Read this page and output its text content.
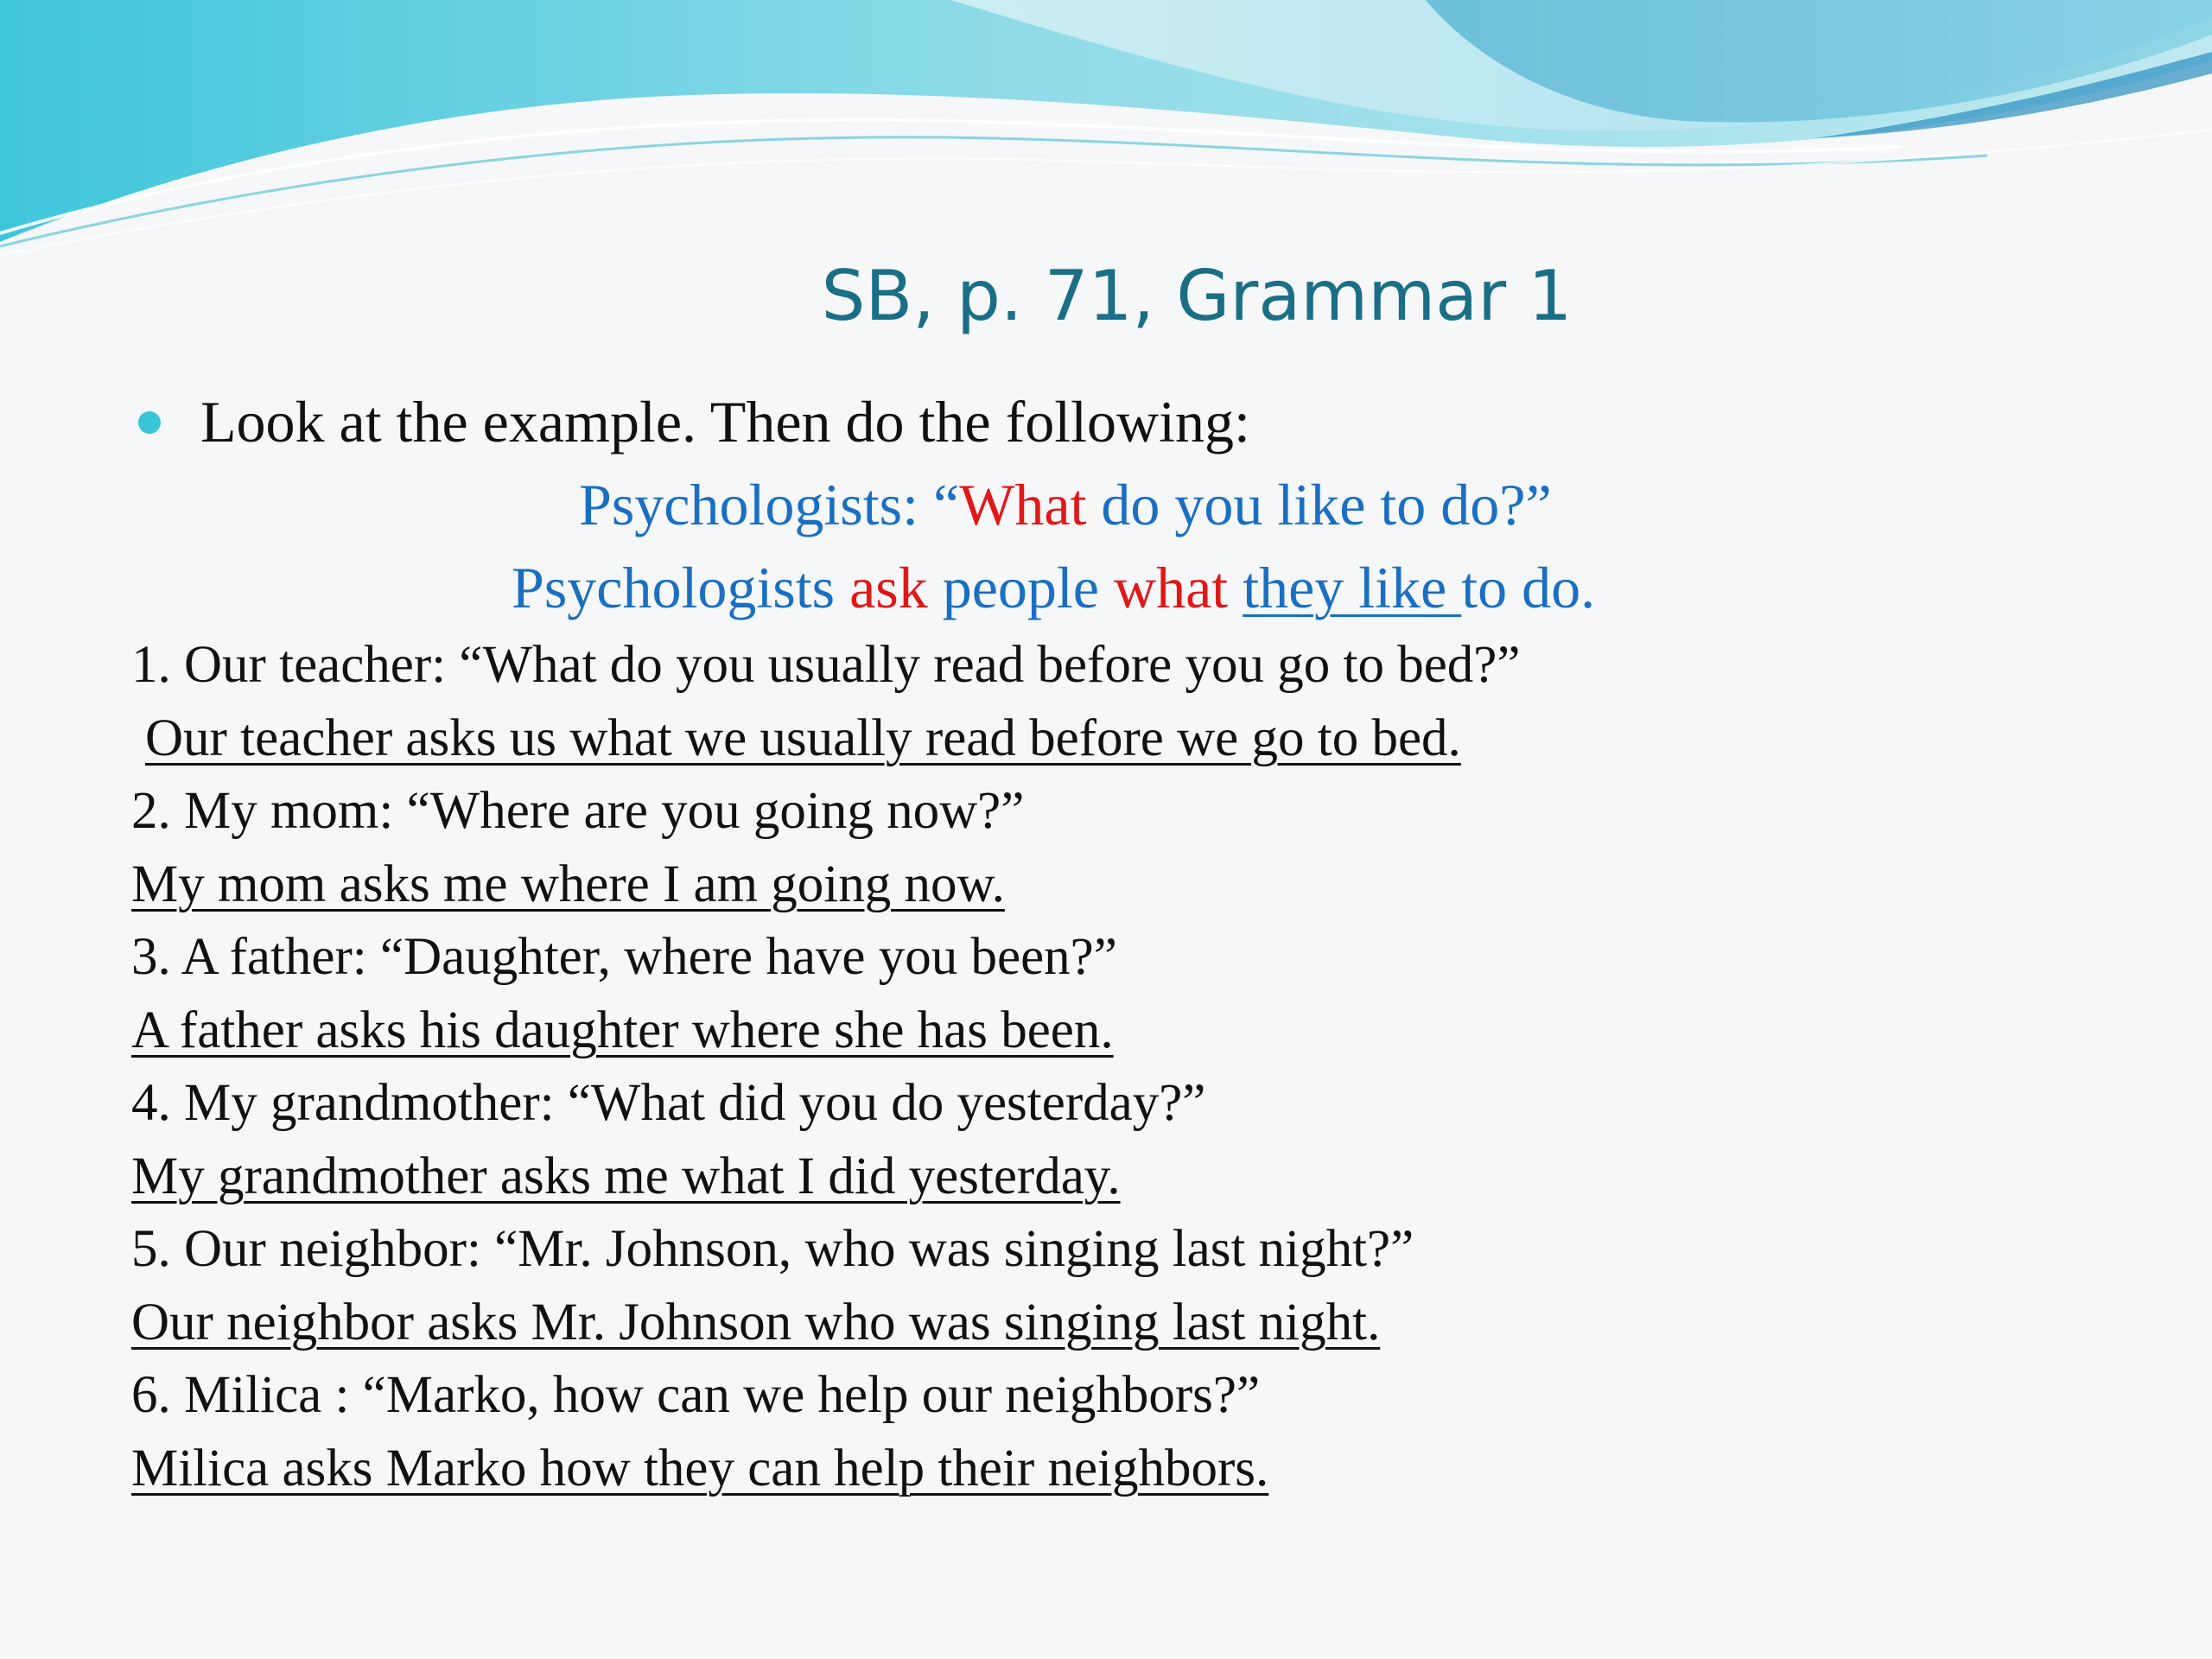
SB, p. 71, Grammar 1
Look at the example. Then do the following:
Psychologists: “What do you like to do?”
Psychologists ask people what they like to do.
1. Our teacher: “What do you usually read before you go to bed?”
Our teacher asks us what we usually read before we go to bed.
2. My mom: “Where are you going now?”
My mom asks me where I am going now.
3. A father: “Daughter, where have you been?”
A father asks his daughter where she has been.
4. My grandmother: “What did you do yesterday?”
My grandmother asks me what I did yesterday.
5. Our neighbor: “Mr. Johnson, who was singing last night?”
Our neighbor asks Mr. Johnson who was singing last night.
6. Milica : “Marko, how can we help our neighbors?”
Milica asks Marko how they can help their neighbors.
